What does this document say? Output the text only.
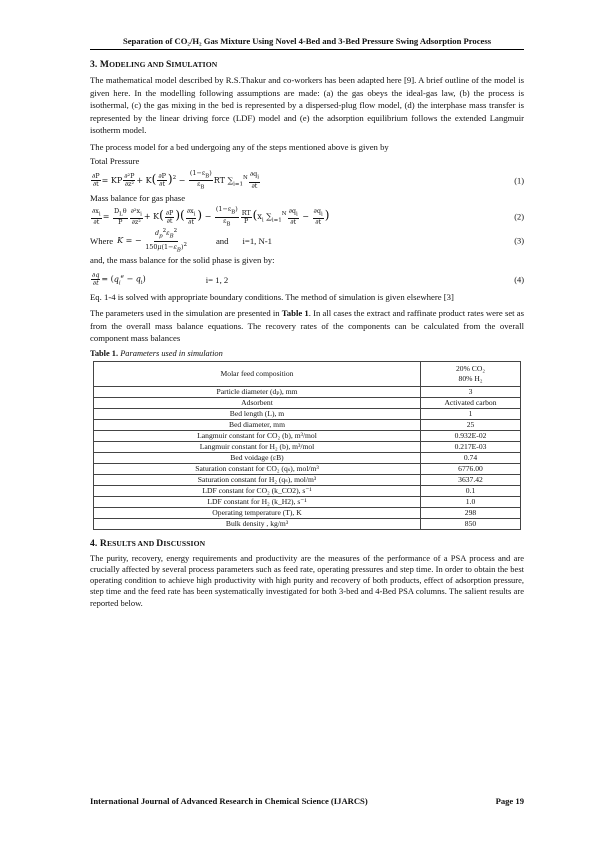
Separation of CO₂/H₂ Gas Mixture Using Novel 4-Bed and 3-Bed Pressure Swing Adsorption Process
3. MODELING AND SIMULATION

The mathematical model described by R.S.Thakur and co-workers has been adapted here [9]. A brief outline of the model is given here. In the modelling following assumptions are made: (a) the gas obeys the ideal-gas law, (b) the process is isothermal, (c) the gas mixing in the bed is represented by a dispersed-plug flow model, (d) the interphase mass transfer is represented by the linear driving force (LDF) model and (e) the adsorption equilibrium follows the extended Langmuir isotherm model.

The process model for a bed undergoing any of the steps mentioned above is given by

Total Pressure

$\frac{\partial P}{\partial t}$ = KP $\frac{\text{∂²P}}{\text{∂z²}} + K( \frac{\partial P}{\partial t} )^2 - \frac{(1-\varepsilon_B)}{\varepsilon_B}$ RT $\sum_{i=1}^N \frac{\partial q_i}{\partial t}$	(1)

Mass balance for gas phase

$\frac{\partial x_i}{\partial t} = \frac{D_L\theta}{P} \frac{\partial^2x_i}{\text{∂z²}} + K( \frac{\partial P}{\partial t}$ )( $\frac{\partial x_i}{\partial t}$ ) − $\frac{(1-\varepsilon_B)}{\varepsilon_B} \frac{RT}{P} (x_i$ $\sum_{i=1}^N \frac{\partial q_i}{\partial t} - \frac{\partial q_i}{\partial t}$ )	(2)
Where K = − $\frac{d_p^2\varepsilon_B^2}{150\mu(1-\varepsilon_B)^2}$	and i=1, N-1	(3)

and, the mass balance for the solid phase is given by:

$\frac{\partial q}{\partial t} = (q_i^e - q_i)$	i= 1, 2	(4)

Eq. 1-4 is solved with appropriate boundary conditions. The method of simulation is given elsewhere [3]

The parameters used in the simulation are presented in Table 1. In all cases the extract and raffinate product rates were set as from the overall mass balance equations. The recovery rates of the components can be calculated from the overall component mass balances

Table 1. Parameters used in simulation
Molar feed composition	20% CO₂
80% H₂

Particle diameter (dₚ), mm	3
Adsorbent	Activated carbon
Bed length (L), m	1
Bed diameter, mm	25
Langmuir constant for CO₂ (b), m³/mol	0.932E-02
Langmuir constant for H₂ (b), m³/mol	0.217E-03
Bed voidage (εB)	0.74
Saturation constant for CO₂ (qₛ), mol/m³	6776.00
Saturation constant for H₂ (qₛ), mol/m³	3637.42
LDF constant for CO₂ (k_CO2), s⁻¹	0.1
LDF constant for H₂ (k_H2), s⁻¹	1.0
Operating temperature (T), K	298
Bulk density , kg/m³	850
4. RESULTS AND DISCUSSION

The purity, recovery, energy requirements and productivity are the measures of the performance of a PSA process and are crucially affected by several process parameters such as feed rate, operating pressures and step time. In order to obtain the best operating condition to achieve high productivity with high purity and recovery of both products, effect of adsorption pressure, step time and the feed rate has been systematically investigated for both 3-bed and 4-Bed PSA columns. The salient results are reported below.

International Journal of Advanced Research in Chemical Science (IJARCS)	Page 19
